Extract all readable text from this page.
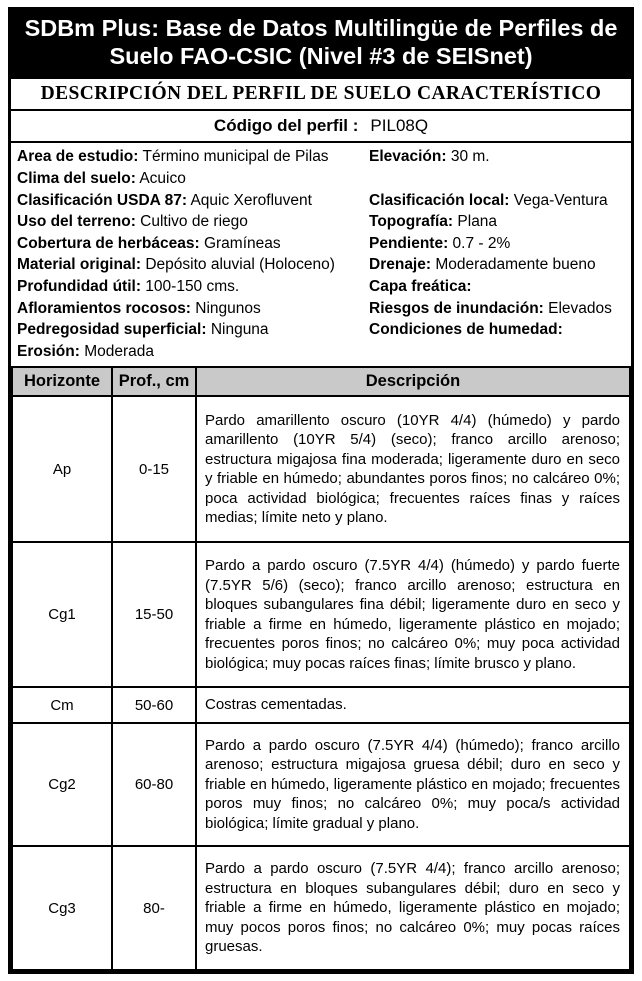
SDBm Plus: Base de Datos Multilingüe de Perfiles de Suelo FAO-CSIC (Nivel #3 de SEISnet)
DESCRIPCIÓN DEL PERFIL DE SUELO CARACTERÍSTICO
Código del perfil : PIL08Q
Area de estudio: Término municipal de Pilas	Elevación: 30 m.
Clima del suelo: Acuico
Clasificación USDA 87: Aquic Xerofluvent	Clasificación local: Vega-Ventura
Uso del terreno: Cultivo de riego	Topografía: Plana
Cobertura de herbáceas: Gramíneas	Pendiente: 0.7 - 2%
Material original: Depósito aluvial (Holoceno)	Drenaje: Moderadamente bueno
Profundidad útil: 100-150 cms.	Capa freática:
Afloramientos rocosos: Ningunos	Riesgos de inundación: Elevados
Pedregosidad superficial: Ninguna	Condiciones de humedad:
Erosión: Moderada
Horizonte	Prof., cm	Descripción
Ap	0-15	Pardo amarillento oscuro (10YR 4/4) (húmedo) y pardo amarillento (10YR 5/4) (seco); franco arcillo arenoso; estructura migajosa fina moderada; ligeramente duro en seco y friable en húmedo; abundantes poros finos; no calcáreo 0%; poca actividad biológica; frecuentes raíces finas y raíces medias; límite neto y plano.
Cg1	15-50	Pardo a pardo oscuro (7.5YR 4/4) (húmedo) y pardo fuerte (7.5YR 5/6) (seco); franco arcillo arenoso; estructura en bloques subangulares fina débil; ligeramente duro en seco y friable a firme en húmedo, ligeramente plástico en mojado; frecuentes poros finos; no calcáreo 0%; muy poca actividad biológica; muy pocas raíces finas; límite brusco y plano.
Cm	50-60	Costras cementadas.
Cg2	60-80	Pardo a pardo oscuro (7.5YR 4/4) (húmedo); franco arcillo arenoso; estructura migajosa gruesa débil; duro en seco y friable en húmedo, ligeramente plástico en mojado; frecuentes poros muy finos; no calcáreo 0%; muy poca/s actividad biológica; límite gradual y plano.
Cg3	80-	Pardo a pardo oscuro (7.5YR 4/4); franco arcillo arenoso; estructura en bloques subangulares débil; duro en seco y friable a firme en húmedo, ligeramente plástico en mojado; muy pocos poros finos; no calcáreo 0%; muy pocas raíces gruesas.
